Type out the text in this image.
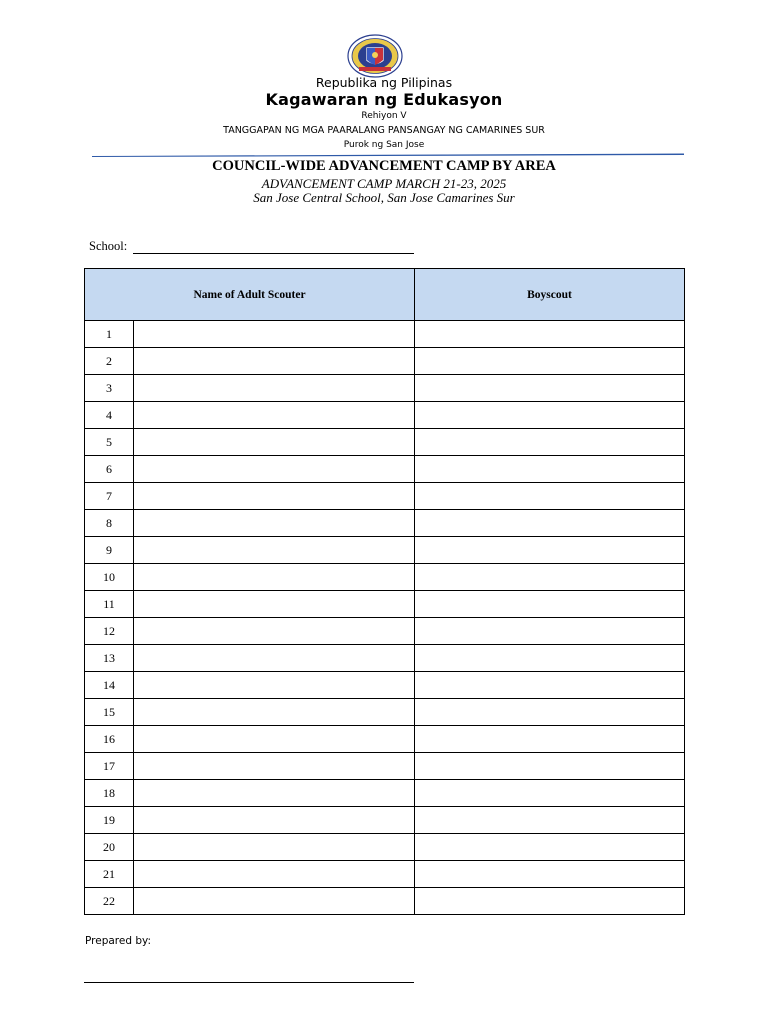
Republika ng Pilipinas
Kagawaran ng Edukasyon
Rehiyon V
TANGGAPAN NG MGA PAARALANG PANSANGAY NG CAMARINES SUR
Purok ng San Jose
COUNCIL-WIDE ADVANCEMENT CAMP BY AREA
ADVANCEMENT CAMP MARCH 21-23, 2025
San Jose Central School, San Jose Camarines Sur
School:
Name of Adult Scouter		Boyscout
1		
2		
3		
4		
5		
6		
7		
8		
9		
10		
11		
12		
13		
14		
15		
16		
17		
18		
19		
20		
21		
22		
Prepared by:
